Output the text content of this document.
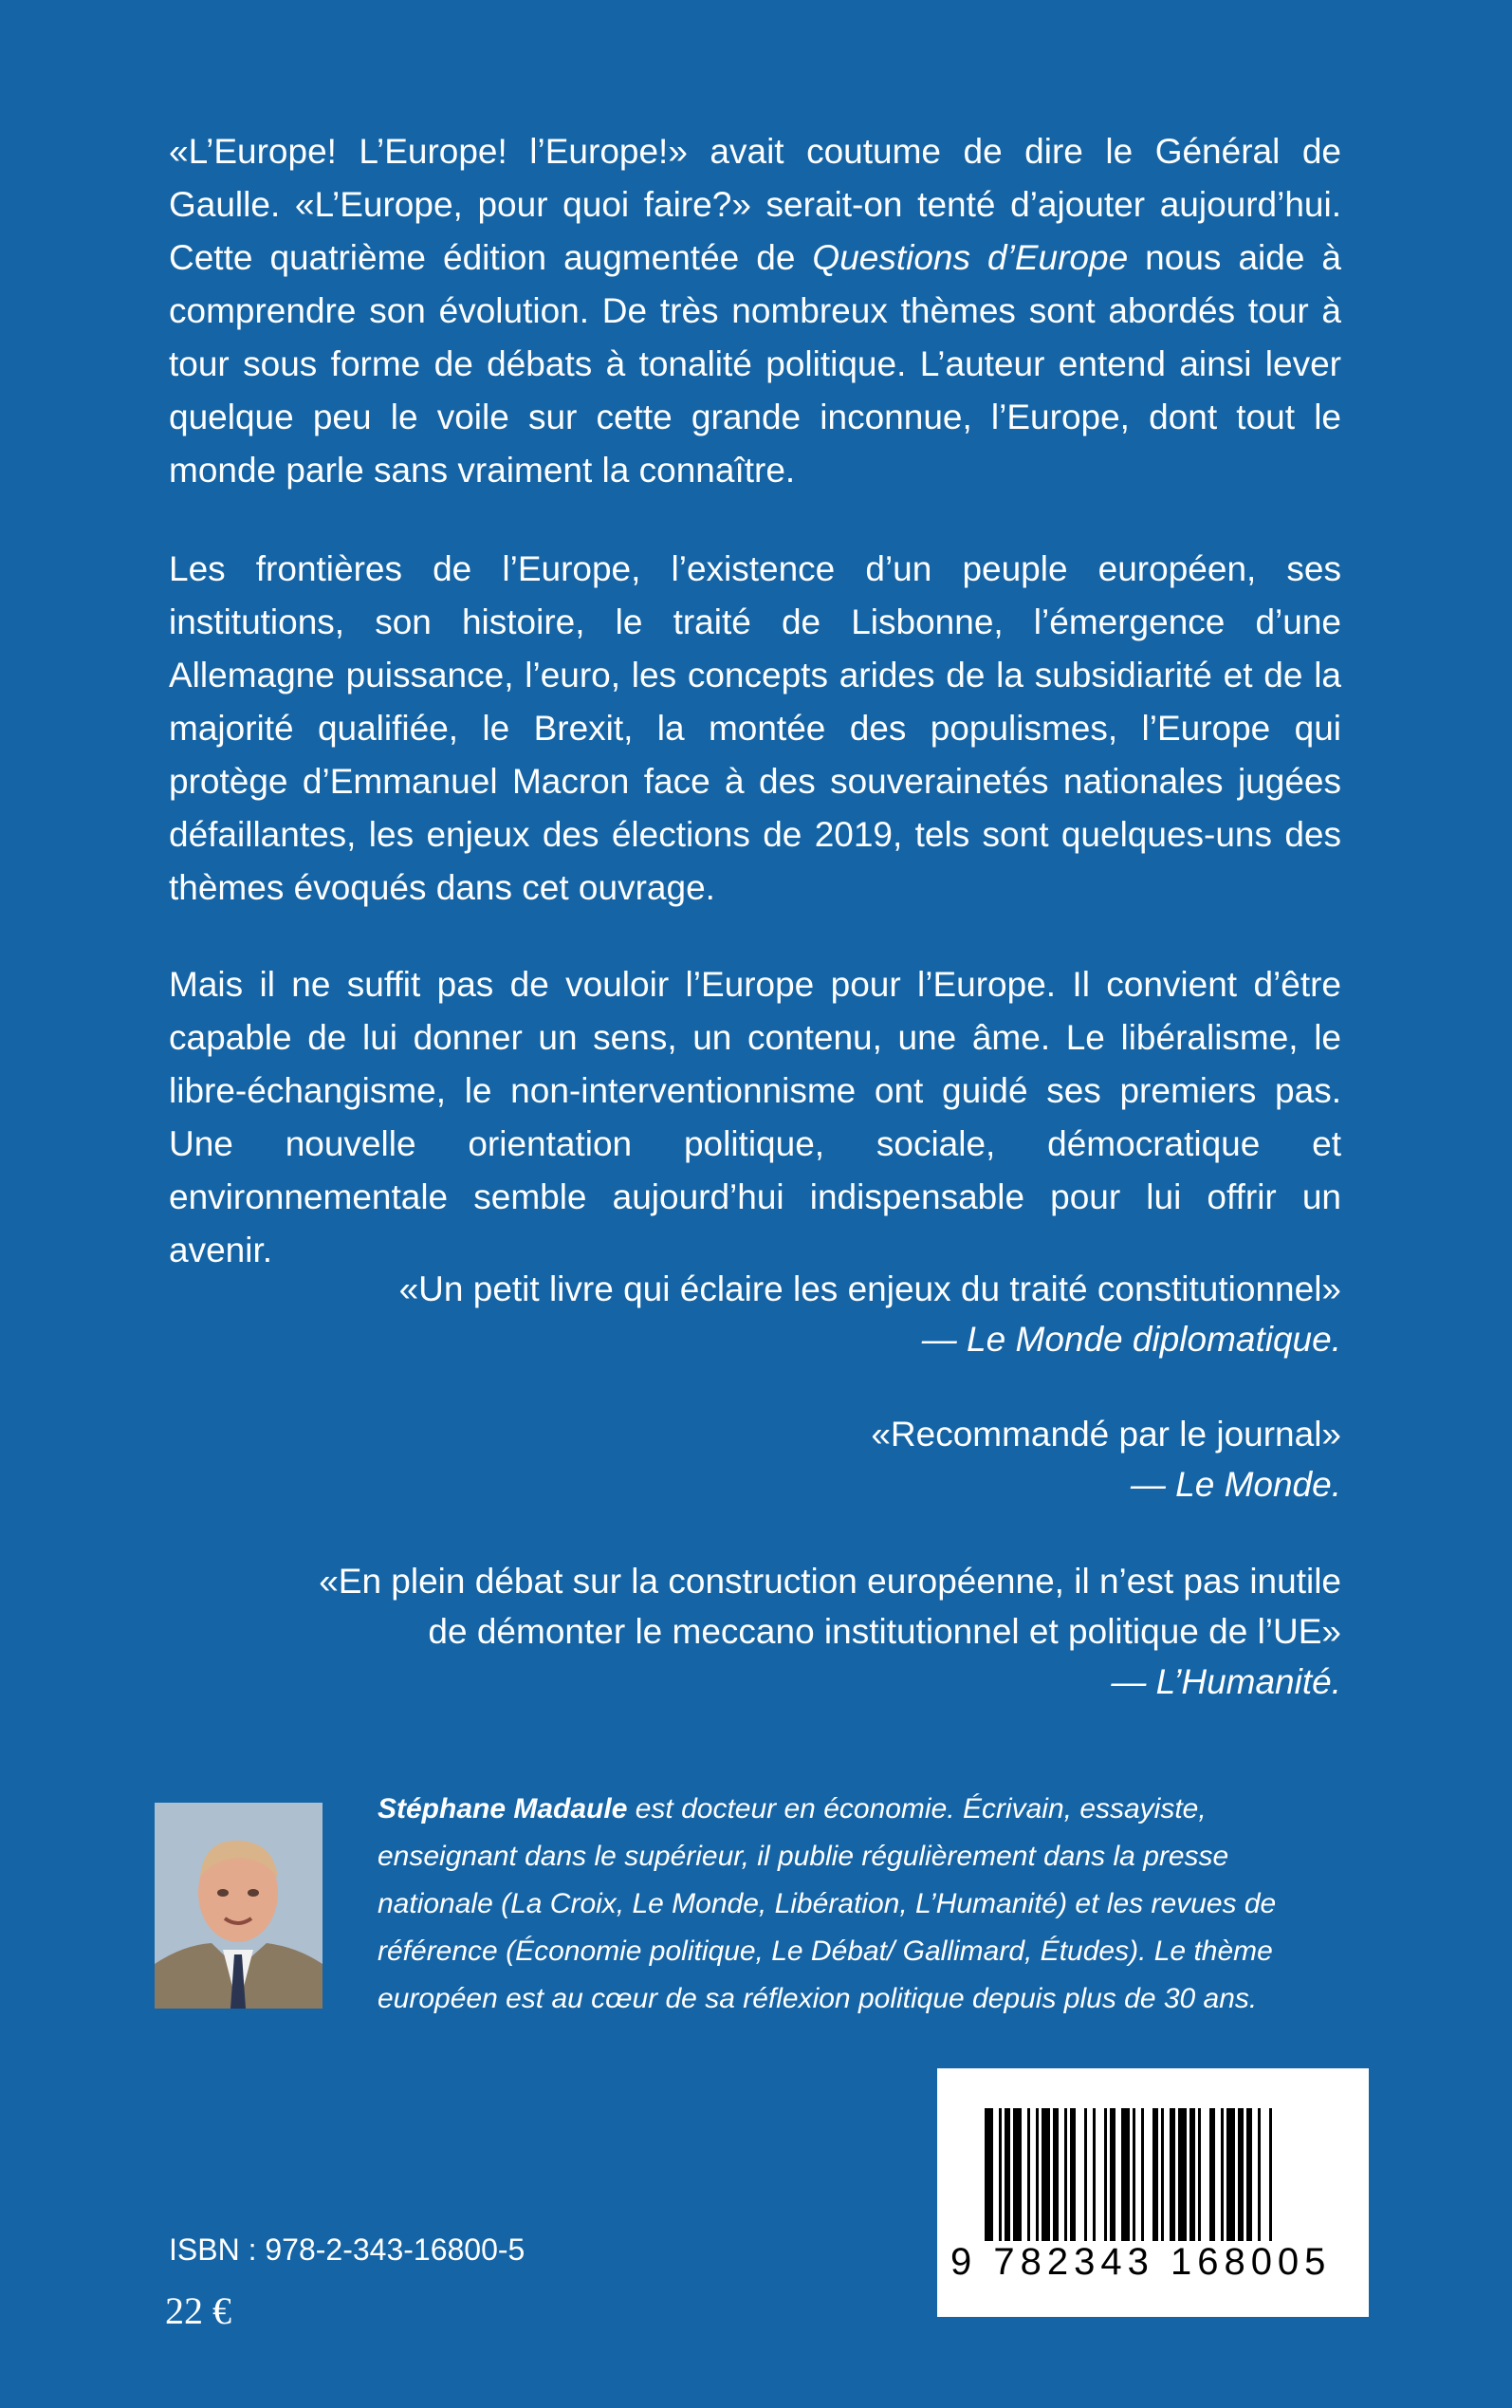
«L’Europe! L’Europe! l’Europe!» avait coutume de dire le Général de Gaulle. «L’Europe, pour quoi faire?» serait-on tenté d’ajouter aujourd’hui. Cette quatrième édition augmentée de Questions d’Europe nous aide à comprendre son évolution. De très nombreux thèmes sont abordés tour à tour sous forme de débats à tonalité politique. L’auteur entend ainsi lever quelque peu le voile sur cette grande inconnue, l’Europe, dont tout le monde parle sans vraiment la connaître.

Les frontières de l’Europe, l’existence d’un peuple européen, ses institutions, son histoire, le traité de Lisbonne, l’émergence d’une Allemagne puissance, l’euro, les concepts arides de la subsidiarité et de la majorité qualifiée, le Brexit, la montée des populismes, l’Europe qui protège d’Emmanuel Macron face à des souverainetés nationales jugées défaillantes, les enjeux des élections de 2019, tels sont quelques-uns des thèmes évoqués dans cet ouvrage.

Mais il ne suffit pas de vouloir l’Europe pour l’Europe. Il convient d’être capable de lui donner un sens, un contenu, une âme. Le libéralisme, le libre-échangisme, le non-interventionnisme ont guidé ses premiers pas. Une nouvelle orientation politique, sociale, démocratique et environnementale semble aujourd’hui indispensable pour lui offrir un avenir.

«Un petit livre qui éclaire les enjeux du traité constitutionnel»
— Le Monde diplomatique.

«Recommandé par le journal»
— Le Monde.

«En plein débat sur la construction européenne, il n’est pas inutile de démonter le meccano institutionnel et politique de l’UE»
— L’Humanité.

Stéphane Madaule est docteur en économie. Écrivain, essayiste, enseignant dans le supérieur, il publie régulièrement dans la presse nationale (La Croix, Le Monde, Libération, L’Humanité) et les revues de référence (Économie politique, Le Débat/ Gallimard, Études). Le thème européen est au cœur de sa réflexion politique depuis plus de 30 ans.

ISBN : 978-2-343-16800-5
22 €
9 782343 168005
